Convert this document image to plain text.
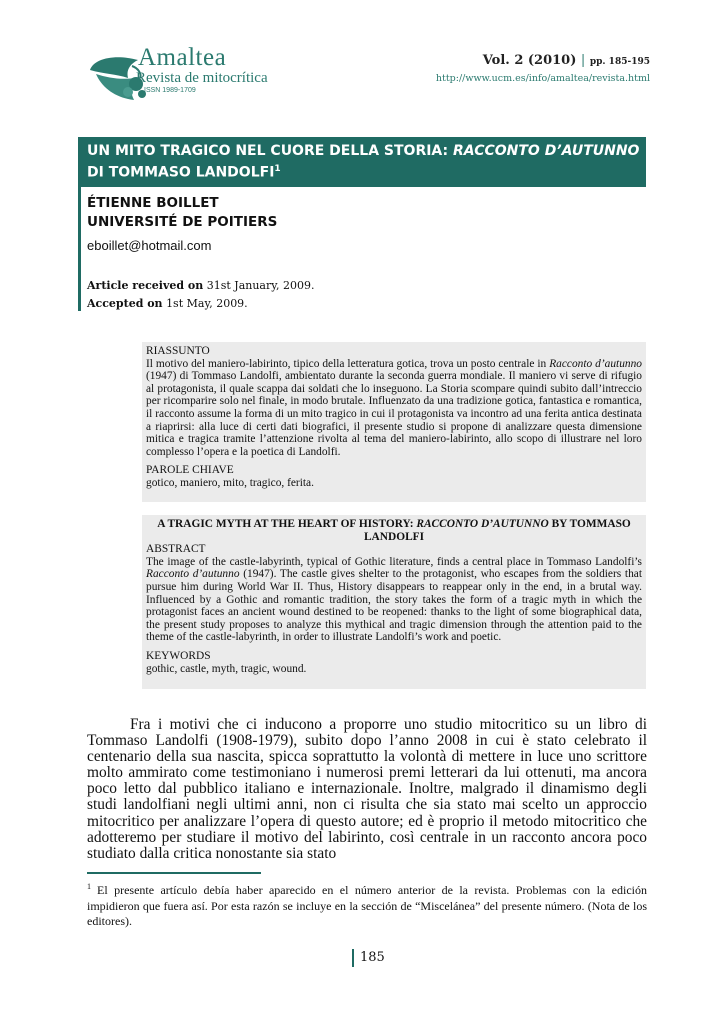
Amaltea
Revista de mitocrítica
ISSN 1989-1709
Vol. 2 (2010) | pp. 185-195
http://www.ucm.es/info/amaltea/revista.html
UN MITO TRAGICO NEL CUORE DELLA STORIA: RACCONTO D’AUTUNNO DI TOMMASO LANDOLFI$^1$
ÉTIENNE BOILLET
UNIVERSITÉ DE POITIERS
eboillet@hotmail.com
Article received on 31st January, 2009.
Accepted on 1st May, 2009.
RIASSUNTO
Il motivo del maniero-labirinto, tipico della letteratura gotica, trova un posto centrale in Racconto d’autunno (1947) di Tommaso Landolfi, ambientato durante la seconda guerra mondiale. Il maniero vi serve di rifugio al protagonista, il quale scappa dai soldati che lo inseguono. La Storia scompare quindi subito dall’intreccio per ricomparire solo nel finale, in modo brutale. Influenzato da una tradizione gotica, fantastica e romantica, il racconto assume la forma di un mito tragico in cui il protagonista va incontro ad una ferita antica destinata a riaprirsi: alla luce di certi dati biografici, il presente studio si propone di analizzare questa dimensione mitica e tragica tramite l’attenzione rivolta al tema del maniero-labirinto, allo scopo di illustrare nel loro complesso l’opera e la poetica di Landolfi.
PAROLE CHIAVE
gotico, maniero, mito, tragico, ferita.
A TRAGIC MYTH AT THE HEART OF HISTORY: RACCONTO D’AUTUNNO BY TOMMASO LANDOLFI
ABSTRACT
The image of the castle-labyrinth, typical of Gothic literature, finds a central place in Tommaso Landolfi’s Racconto d’autunno (1947). The castle gives shelter to the protagonist, who escapes from the soldiers that pursue him during World War II. Thus, History disappears to reappear only in the end, in a brutal way. Influenced by a Gothic and romantic tradition, the story takes the form of a tragic myth in which the protagonist faces an ancient wound destined to be reopened: thanks to the light of some biographical data, the present study proposes to analyze this mythical and tragic dimension through the attention paid to the theme of the castle-labyrinth, in order to illustrate Landolfi’s work and poetic.
KEYWORDS
gothic, castle, myth, tragic, wound.
Fra i motivi che ci inducono a proporre uno studio mitocritico su un libro di Tommaso Landolfi (1908-1979), subito dopo l’anno 2008 in cui è stato celebrato il centenario della sua nascita, spicca soprattutto la volontà di mettere in luce uno scrittore molto ammirato come testimoniano i numerosi premi letterari da lui ottenuti, ma ancora poco letto dal pubblico italiano e internazionale. Inoltre, malgrado il dinamismo degli studi landolfiani negli ultimi anni, non ci risulta che sia stato mai scelto un approccio mitocritico per analizzare l’opera di questo autore; ed è proprio il metodo mitocritico che adotteremo per studiare il motivo del labirinto, così centrale in un racconto ancora poco studiato dalla critica nonostante sia stato
$^1$ El presente artículo debía haber aparecido en el número anterior de la revista. Problemas con la edición impidieron que fuera así. Por esta razón se incluye en la sección de “Miscelánea” del presente número. (Nota de los editores).
185
